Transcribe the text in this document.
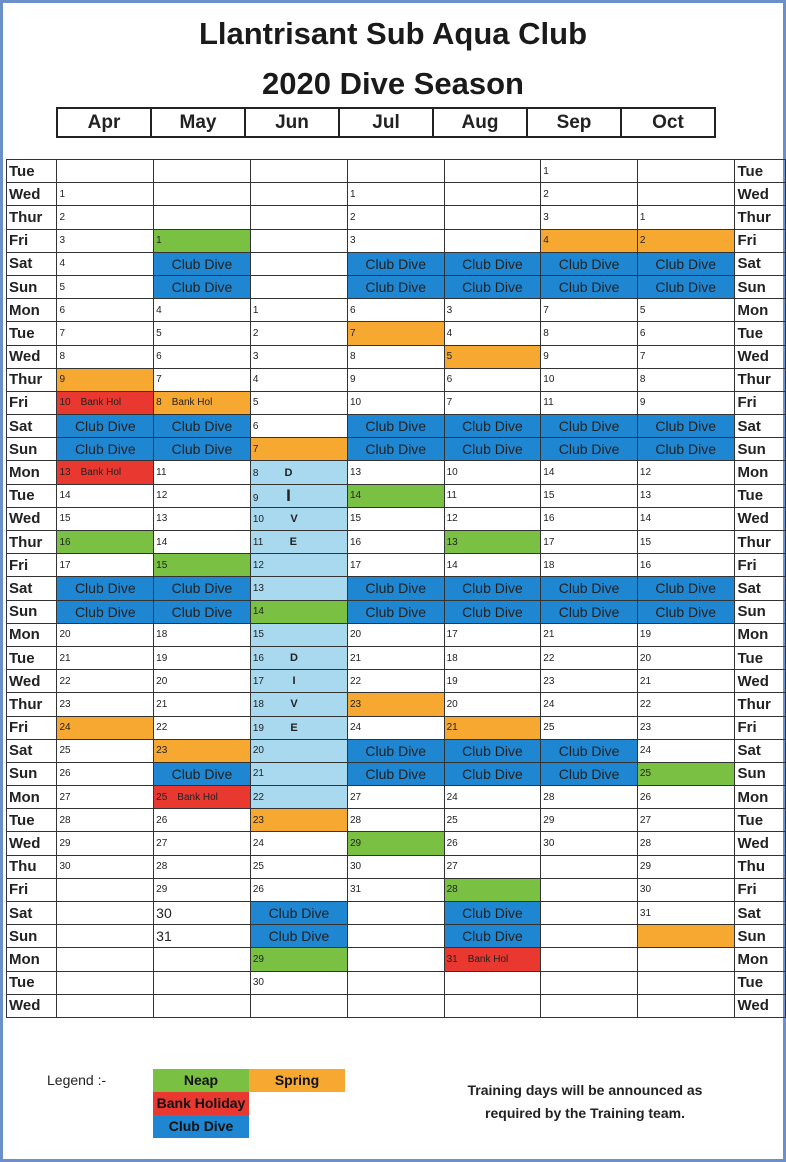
Llantrisant Sub Aqua Club
2020 Dive Season
Apr	May	Jun	Jul	Aug	Sep	Oct
Tue						1		Tue
Wed	1			1		2		Wed
Thur	2			2		3	1	Thur
Fri	3	1		3		4	2	Fri
Sat	4	Club Dive		Club Dive	Club Dive	Club Dive	Club Dive	Sat
Sun	5	Club Dive		Club Dive	Club Dive	Club Dive	Club Dive	Sun
Mon	6	4	1	6	3	7	5	Mon
Tue	7	5	2	7	4	8	6	Tue
Wed	8	6	3	8	5	9	7	Wed
Thur	9	7	4	9	6	10	8	Thur
Fri	10 Bank Hol	8 Bank Hol	5	10	7	11	9	Fri
Sat	Club Dive	Club Dive	6	Club Dive	Club Dive	Club Dive	Club Dive	Sat
Sun	Club Dive	Club Dive	7	Club Dive	Club Dive	Club Dive	Club Dive	Sun
Mon	13 Bank Hol	11	8 D	13	10	14	12	Mon
Tue	14	12	9 I	14	11	15	13	Tue
Wed	15	13	10 V	15	12	16	14	Wed
Thur	16	14	11 E	16	13	17	15	Thur
Fri	17	15	12	17	14	18	16	Fri
Sat	Club Dive	Club Dive	13	Club Dive	Club Dive	Club Dive	Club Dive	Sat
Sun	Club Dive	Club Dive	14	Club Dive	Club Dive	Club Dive	Club Dive	Sun
Mon	20	18	15	20	17	21	19	Mon
Tue	21	19	16 D	21	18	22	20	Tue
Wed	22	20	17 I	22	19	23	21	Wed
Thur	23	21	18 V	23	20	24	22	Thur
Fri	24	22	19 E	24	21	25	23	Fri
Sat	25	23	20	Club Dive	Club Dive	Club Dive	24	Sat
Sun	26	Club Dive	21	Club Dive	Club Dive	Club Dive	25	Sun
Mon	27	25 Bank Hol	22	27	24	28	26	Mon
Tue	28	26	23	28	25	29	27	Tue
Wed	29	27	24	29	26	30	28	Wed
Thu	30	28	25	30	27		29	Thu
Fri		29	26	31	28		30	Fri
Sat		30	Club Dive		Club Dive		31	Sat
Sun		31	Club Dive		Club Dive			Sun
Mon			29		31 Bank Hol			Mon
Tue			30					Tue
Wed								Wed
Legend :-	Neap	Spring
Bank Holiday
Club Dive
Training days will be announced as
required by the Training team.
